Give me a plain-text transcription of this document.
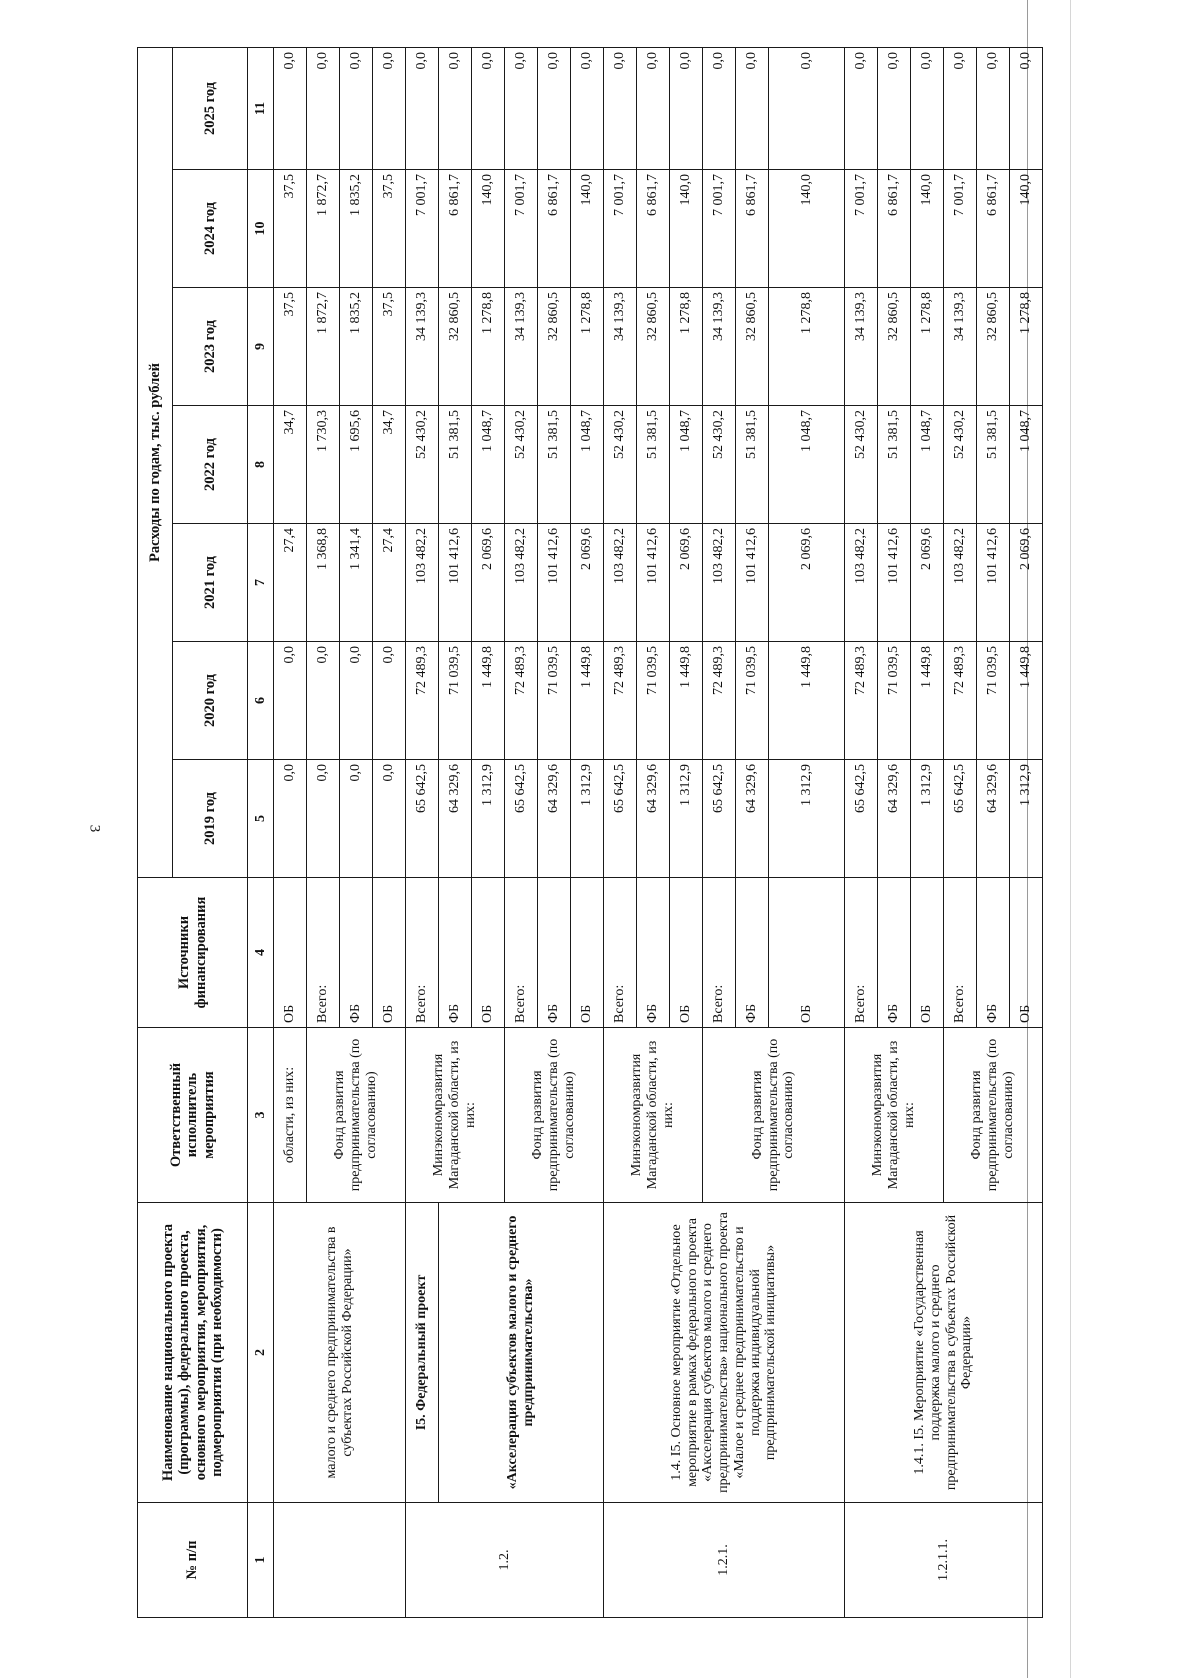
3
№ п/п	Наименование национального проекта (программы), федерального проекта, основного мероприятия, мероприятия, подмероприятия (при необходимости)	Ответственный исполнитель мероприятия	Источники финансирования	Расходы по годам, тыс. рублей						
				2019 год	2020 год	2021 год	2022 год	2023 год	2024 год	2025 год
1	2	3	4	5	6	7	8	9	10	11
	малого и среднего предпринимательства в субъектах Российской Федерации»	области, из них:	ОБ	0,0	0,0	27,4	34,7	37,5	37,5	0,0
		Фонд развития предпринимательства (по согласованию)	Всего:	0,0	0,0	1 368,8	1 730,3	1 872,7	1 872,7	0,0
			ФБ	0,0	0,0	1 341,4	1 695,6	1 835,2	1 835,2	0,0
			ОБ	0,0	0,0	27,4	34,7	37,5	37,5	0,0
1.2.	I5. Федеральный проект	Минэкономразвития Магаданской области, из них:	Всего:	65 642,5	72 489,3	103 482,2	52 430,2	34 139,3	7 001,7	0,0
	«Акселерация субъектов малого и среднего предпринимательства»		ФБ	64 329,6	71 039,5	101 412,6	51 381,5	32 860,5	6 861,7	0,0
			ОБ	1 312,9	1 449,8	2 069,6	1 048,7	1 278,8	140,0	0,0
		Фонд развития предпринимательства (по согласованию)	Всего:	65 642,5	72 489,3	103 482,2	52 430,2	34 139,3	7 001,7	0,0
			ФБ	64 329,6	71 039,5	101 412,6	51 381,5	32 860,5	6 861,7	0,0
			ОБ	1 312,9	1 449,8	2 069,6	1 048,7	1 278,8	140,0	0,0
1.2.1.	1.4. I5. Основное мероприятие «Отдельное мероприятие в рамках федерального проекта «Акселерация субъектов малого и среднего предпринимательства» национального проекта «Малое и среднее предпринимательство и поддержка индивидуальной предпринимательской инициативы»	Минэкономразвития Магаданской области, из них:	Всего:	65 642,5	72 489,3	103 482,2	52 430,2	34 139,3	7 001,7	0,0
			ФБ	64 329,6	71 039,5	101 412,6	51 381,5	32 860,5	6 861,7	0,0
			ОБ	1 312,9	1 449,8	2 069,6	1 048,7	1 278,8	140,0	0,0
		Фонд развития предпринимательства (по согласованию)	Всего:	65 642,5	72 489,3	103 482,2	52 430,2	34 139,3	7 001,7	0,0
			ФБ	64 329,6	71 039,5	101 412,6	51 381,5	32 860,5	6 861,7	0,0
			ОБ	1 312,9	1 449,8	2 069,6	1 048,7	1 278,8	140,0	0,0
1.2.1.1.	1.4.1. I5. Мероприятие «Государственная поддержка малого и среднего предпринимательства в субъектах Российской Федерации»	Минэкономразвития Магаданской области, из них:	Всего:	65 642,5	72 489,3	103 482,2	52 430,2	34 139,3	7 001,7	0,0
			ФБ	64 329,6	71 039,5	101 412,6	51 381,5	32 860,5	6 861,7	0,0
			ОБ	1 312,9	1 449,8	2 069,6	1 048,7	1 278,8	140,0	0,0
		Фонд развития предпринимательства (по согласованию)	Всего:	65 642,5	72 489,3	103 482,2	52 430,2	34 139,3	7 001,7	0,0
			ФБ	64 329,6	71 039,5	101 412,6	51 381,5	32 860,5	6 861,7	0,0
			ОБ	1 312,9	1 449,8	2 069,6	1 048,7	1 278,8	140,0	0,0
